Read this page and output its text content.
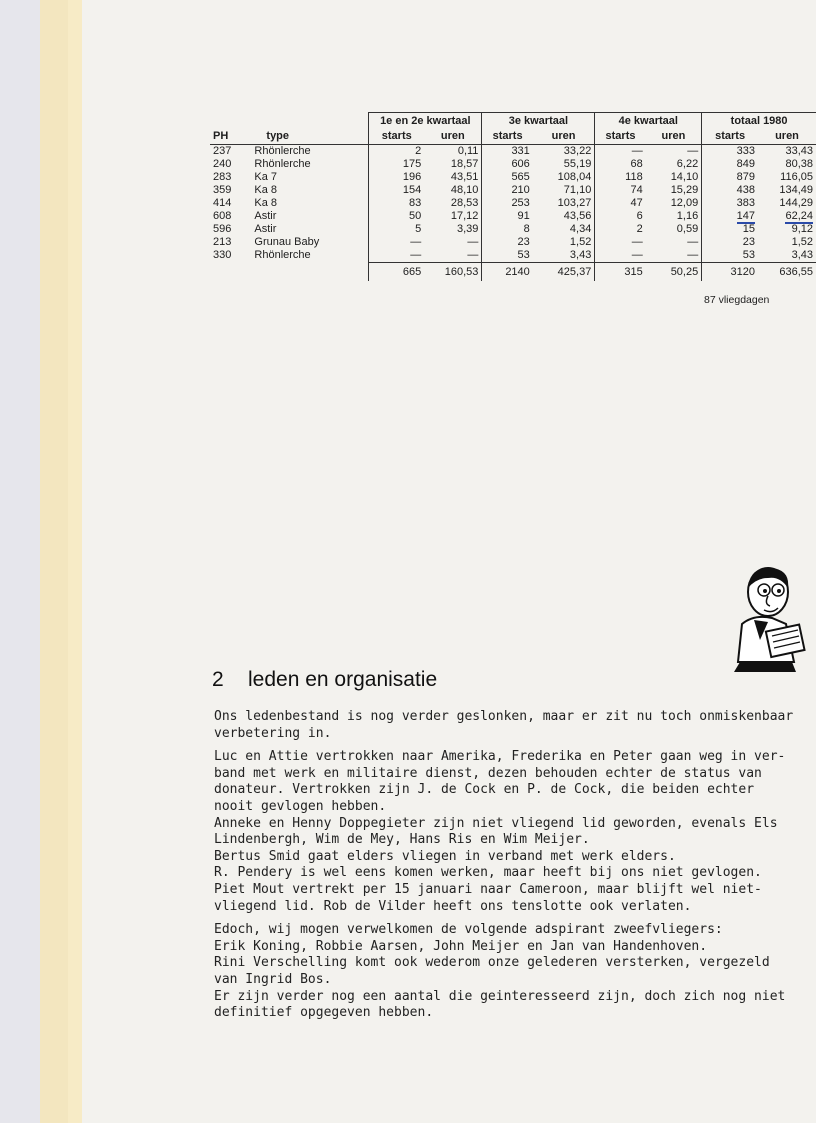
		1e en 2e kwartaal		3e kwartaal		4e kwartaal		totaal 1980	
PH	type	starts	uren	starts	uren	starts	uren	starts	uren
237	Rhönlerche	2	0,11	331	33,22	—	—	333	33,43
240	Rhönlerche	175	18,57	606	55,19	68	6,22	849	80,38
283	Ka 7	196	43,51	565	108,04	118	14,10	879	116,05
359	Ka 8	154	48,10	210	71,10	74	15,29	438	134,49
414	Ka 8	83	28,53	253	103,27	47	12,09	383	144,29
608	Astir	50	17,12	91	43,56	6	1,16	147	62,24
596	Astir	5	3,39	8	4,34	2	0,59	15	9,12
213	Grunau Baby	—	—	23	1,52	—	—	23	1,52
330	Rhönlerche	—	—	53	3,43	—	—	53	3,43
		665	160,53	2140	425,37	315	50,25	3120	636,55
87 vliegdagen
2 leden en organisatie

Ons ledenbestand is nog verder geslonken, maar er zit nu toch onmiskenbaar
verbetering in.

Luc en Attie vertrokken naar Amerika, Frederika en Peter gaan weg in ver-
band met werk en militaire dienst, dezen behouden echter de status van
donateur. Vertrokken zijn J. de Cock en P. de Cock, die beiden echter
nooit gevlogen hebben.
Anneke en Henny Doppegieter zijn niet vliegend lid geworden, evenals Els
Lindenbergh, Wim de Mey, Hans Ris en Wim Meijer.
Bertus Smid gaat elders vliegen in verband met werk elders.
R. Pendery is wel eens komen werken, maar heeft bij ons niet gevlogen.
Piet Mout vertrekt per 15 januari naar Cameroon, maar blijft wel niet-
vliegend lid. Rob de Vilder heeft ons tenslotte ook verlaten.

Edoch, wij mogen verwelkomen de volgende adspirant zweefvliegers:
Erik Koning, Robbie Aarsen, John Meijer en Jan van Handenhoven.
Rini Verschelling komt ook wederom onze gelederen versterken, vergezeld
van Ingrid Bos.
Er zijn verder nog een aantal die geinteresseerd zijn, doch zich nog niet
definitief opgegeven hebben.
